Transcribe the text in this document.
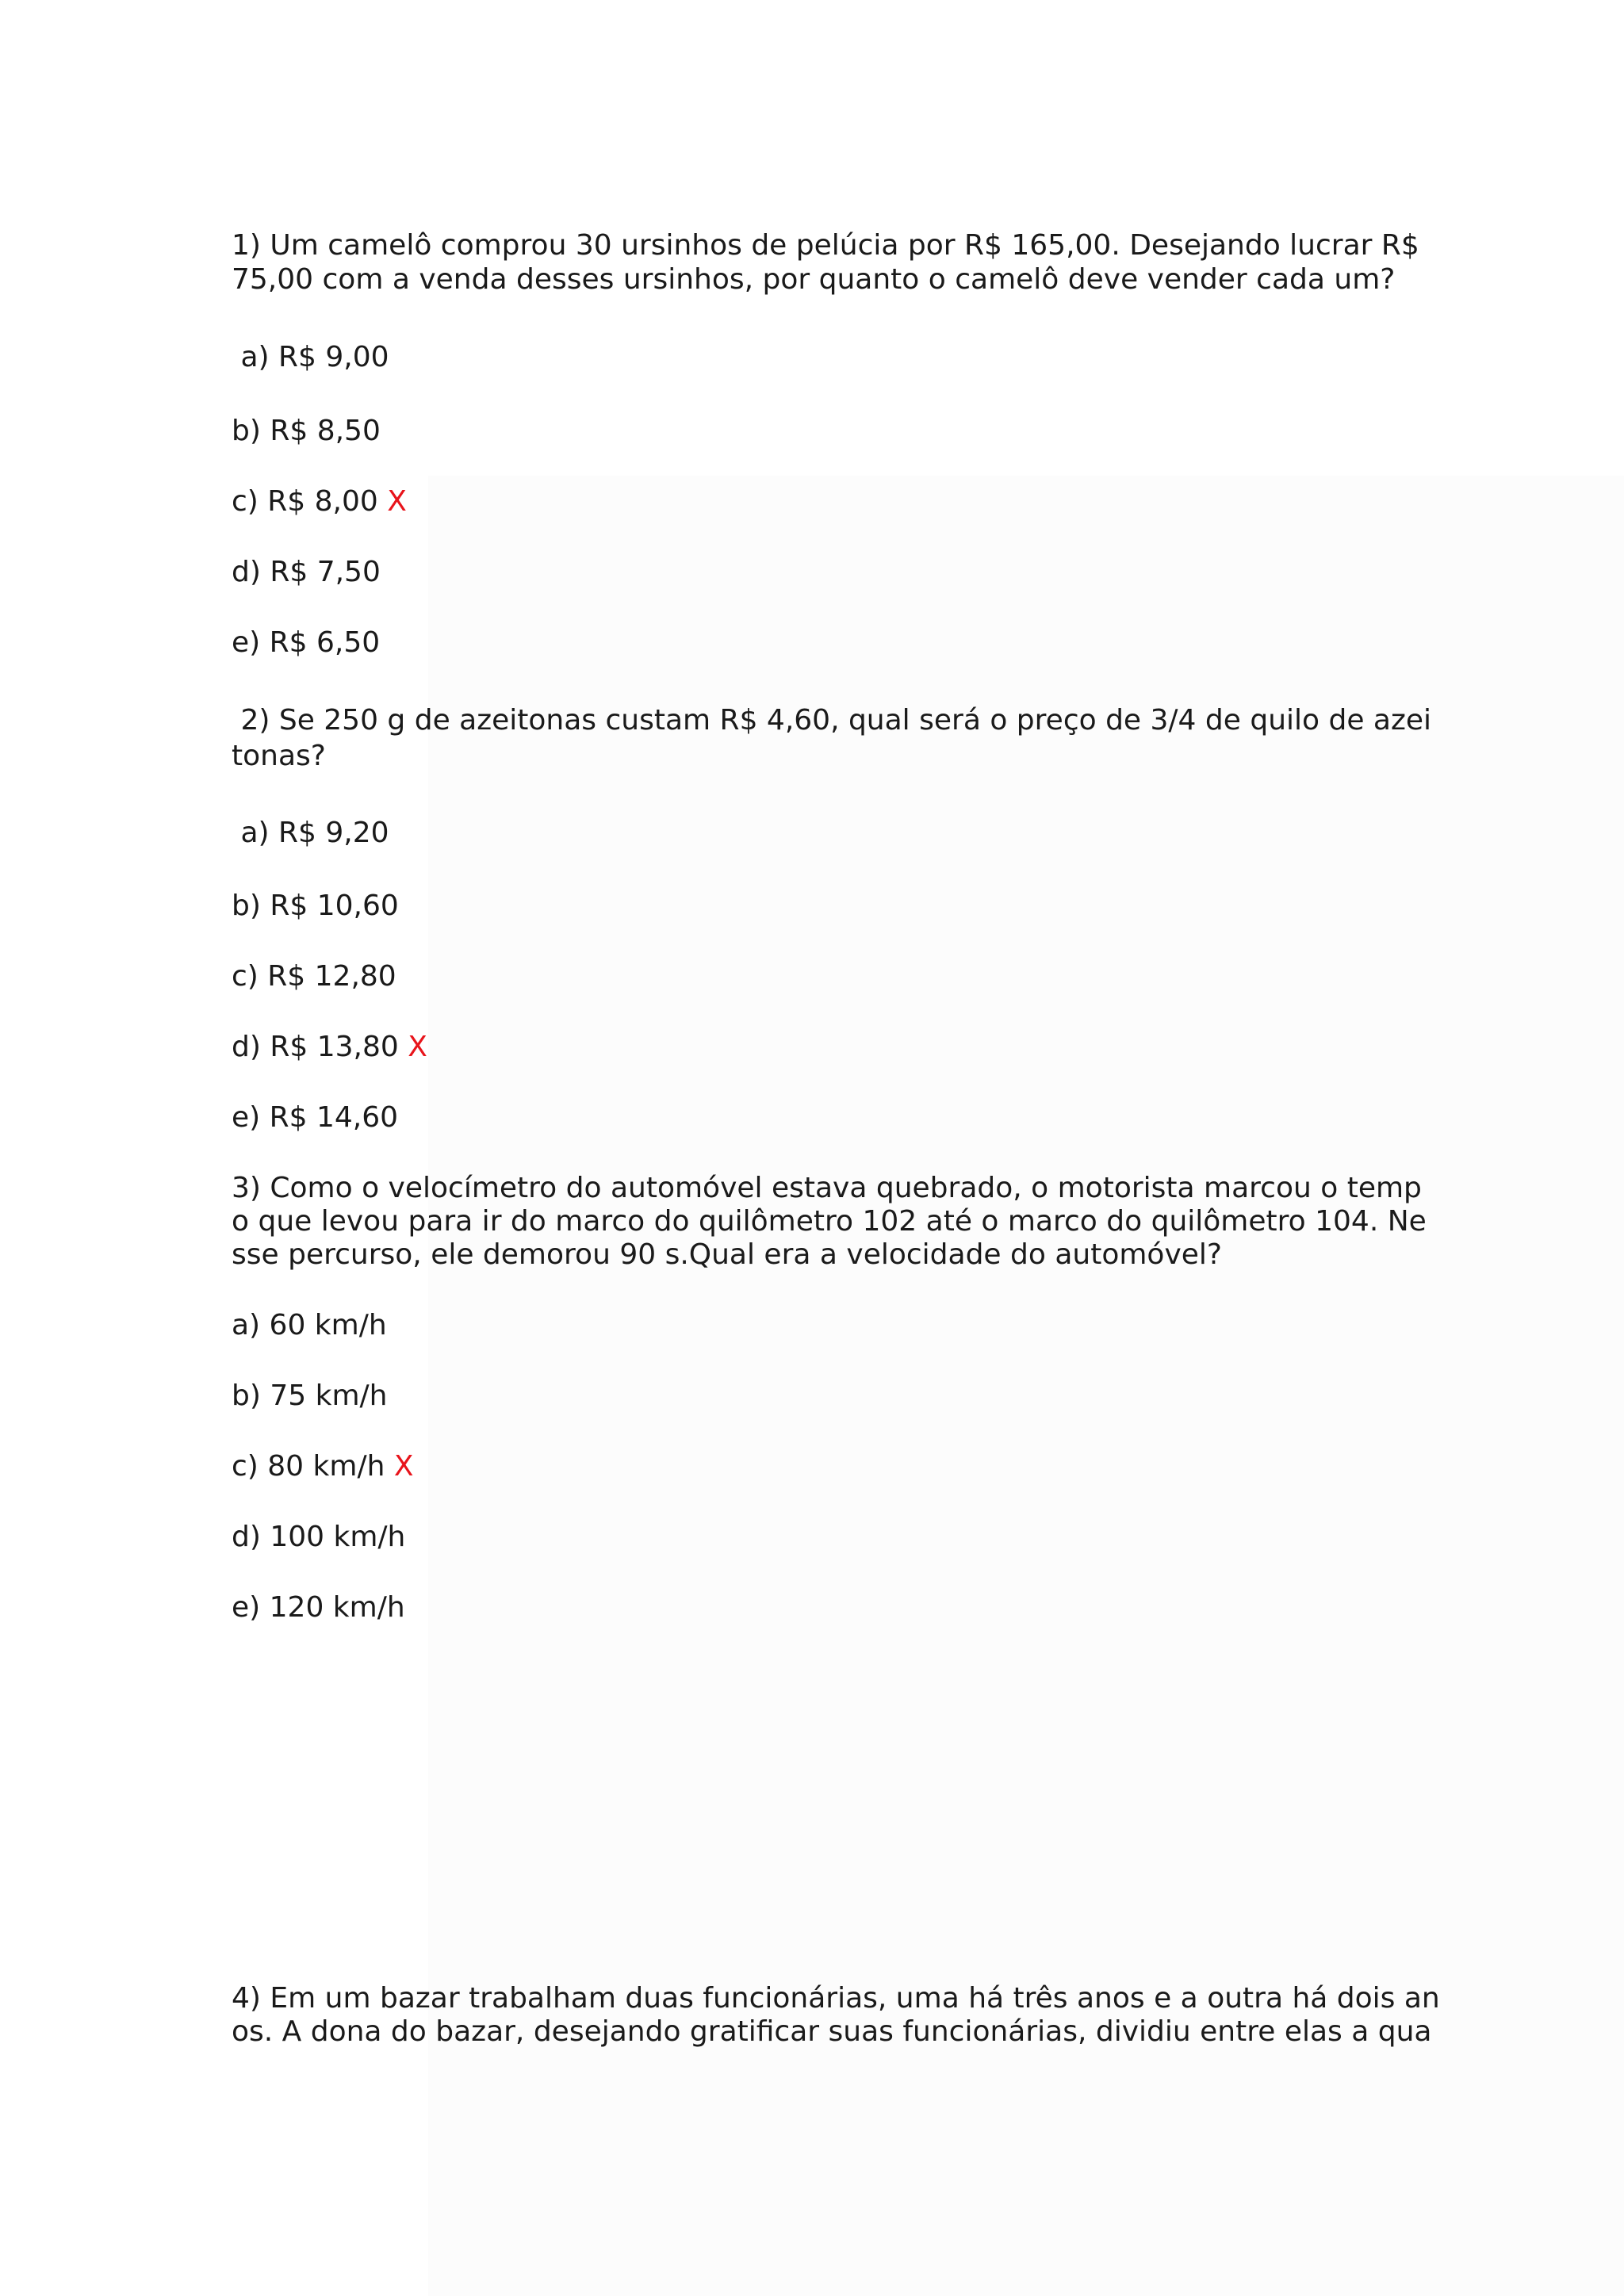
1) Um camelô comprou 30 ursinhos de pelúcia por R$ 165,00. Desejando lucrar R$
75,00 com a venda desses ursinhos, por quanto o camelô deve vender cada um?
a) R$ 9,00
b) R$ 8,50
c) R$ 8,00 X
d) R$ 7,50
e) R$ 6,50
2) Se 250 g de azeitonas custam R$ 4,60, qual será o preço de 3/4 de quilo de azei
tonas?
a) R$ 9,20
b) R$ 10,60
c) R$ 12,80
d) R$ 13,80 X
e) R$ 14,60
3) Como o velocímetro do automóvel estava quebrado, o motorista marcou o temp
o que levou para ir do marco do quilômetro 102 até o marco do quilômetro 104. Ne
sse percurso, ele demorou 90 s.Qual era a velocidade do automóvel?
a) 60 km/h
b) 75 km/h
c) 80 km/h X
d) 100 km/h
e) 120 km/h
4) Em um bazar trabalham duas funcionárias, uma há três anos e a outra há dois an
os. A dona do bazar, desejando gratificar suas funcionárias, dividiu entre elas a qua
